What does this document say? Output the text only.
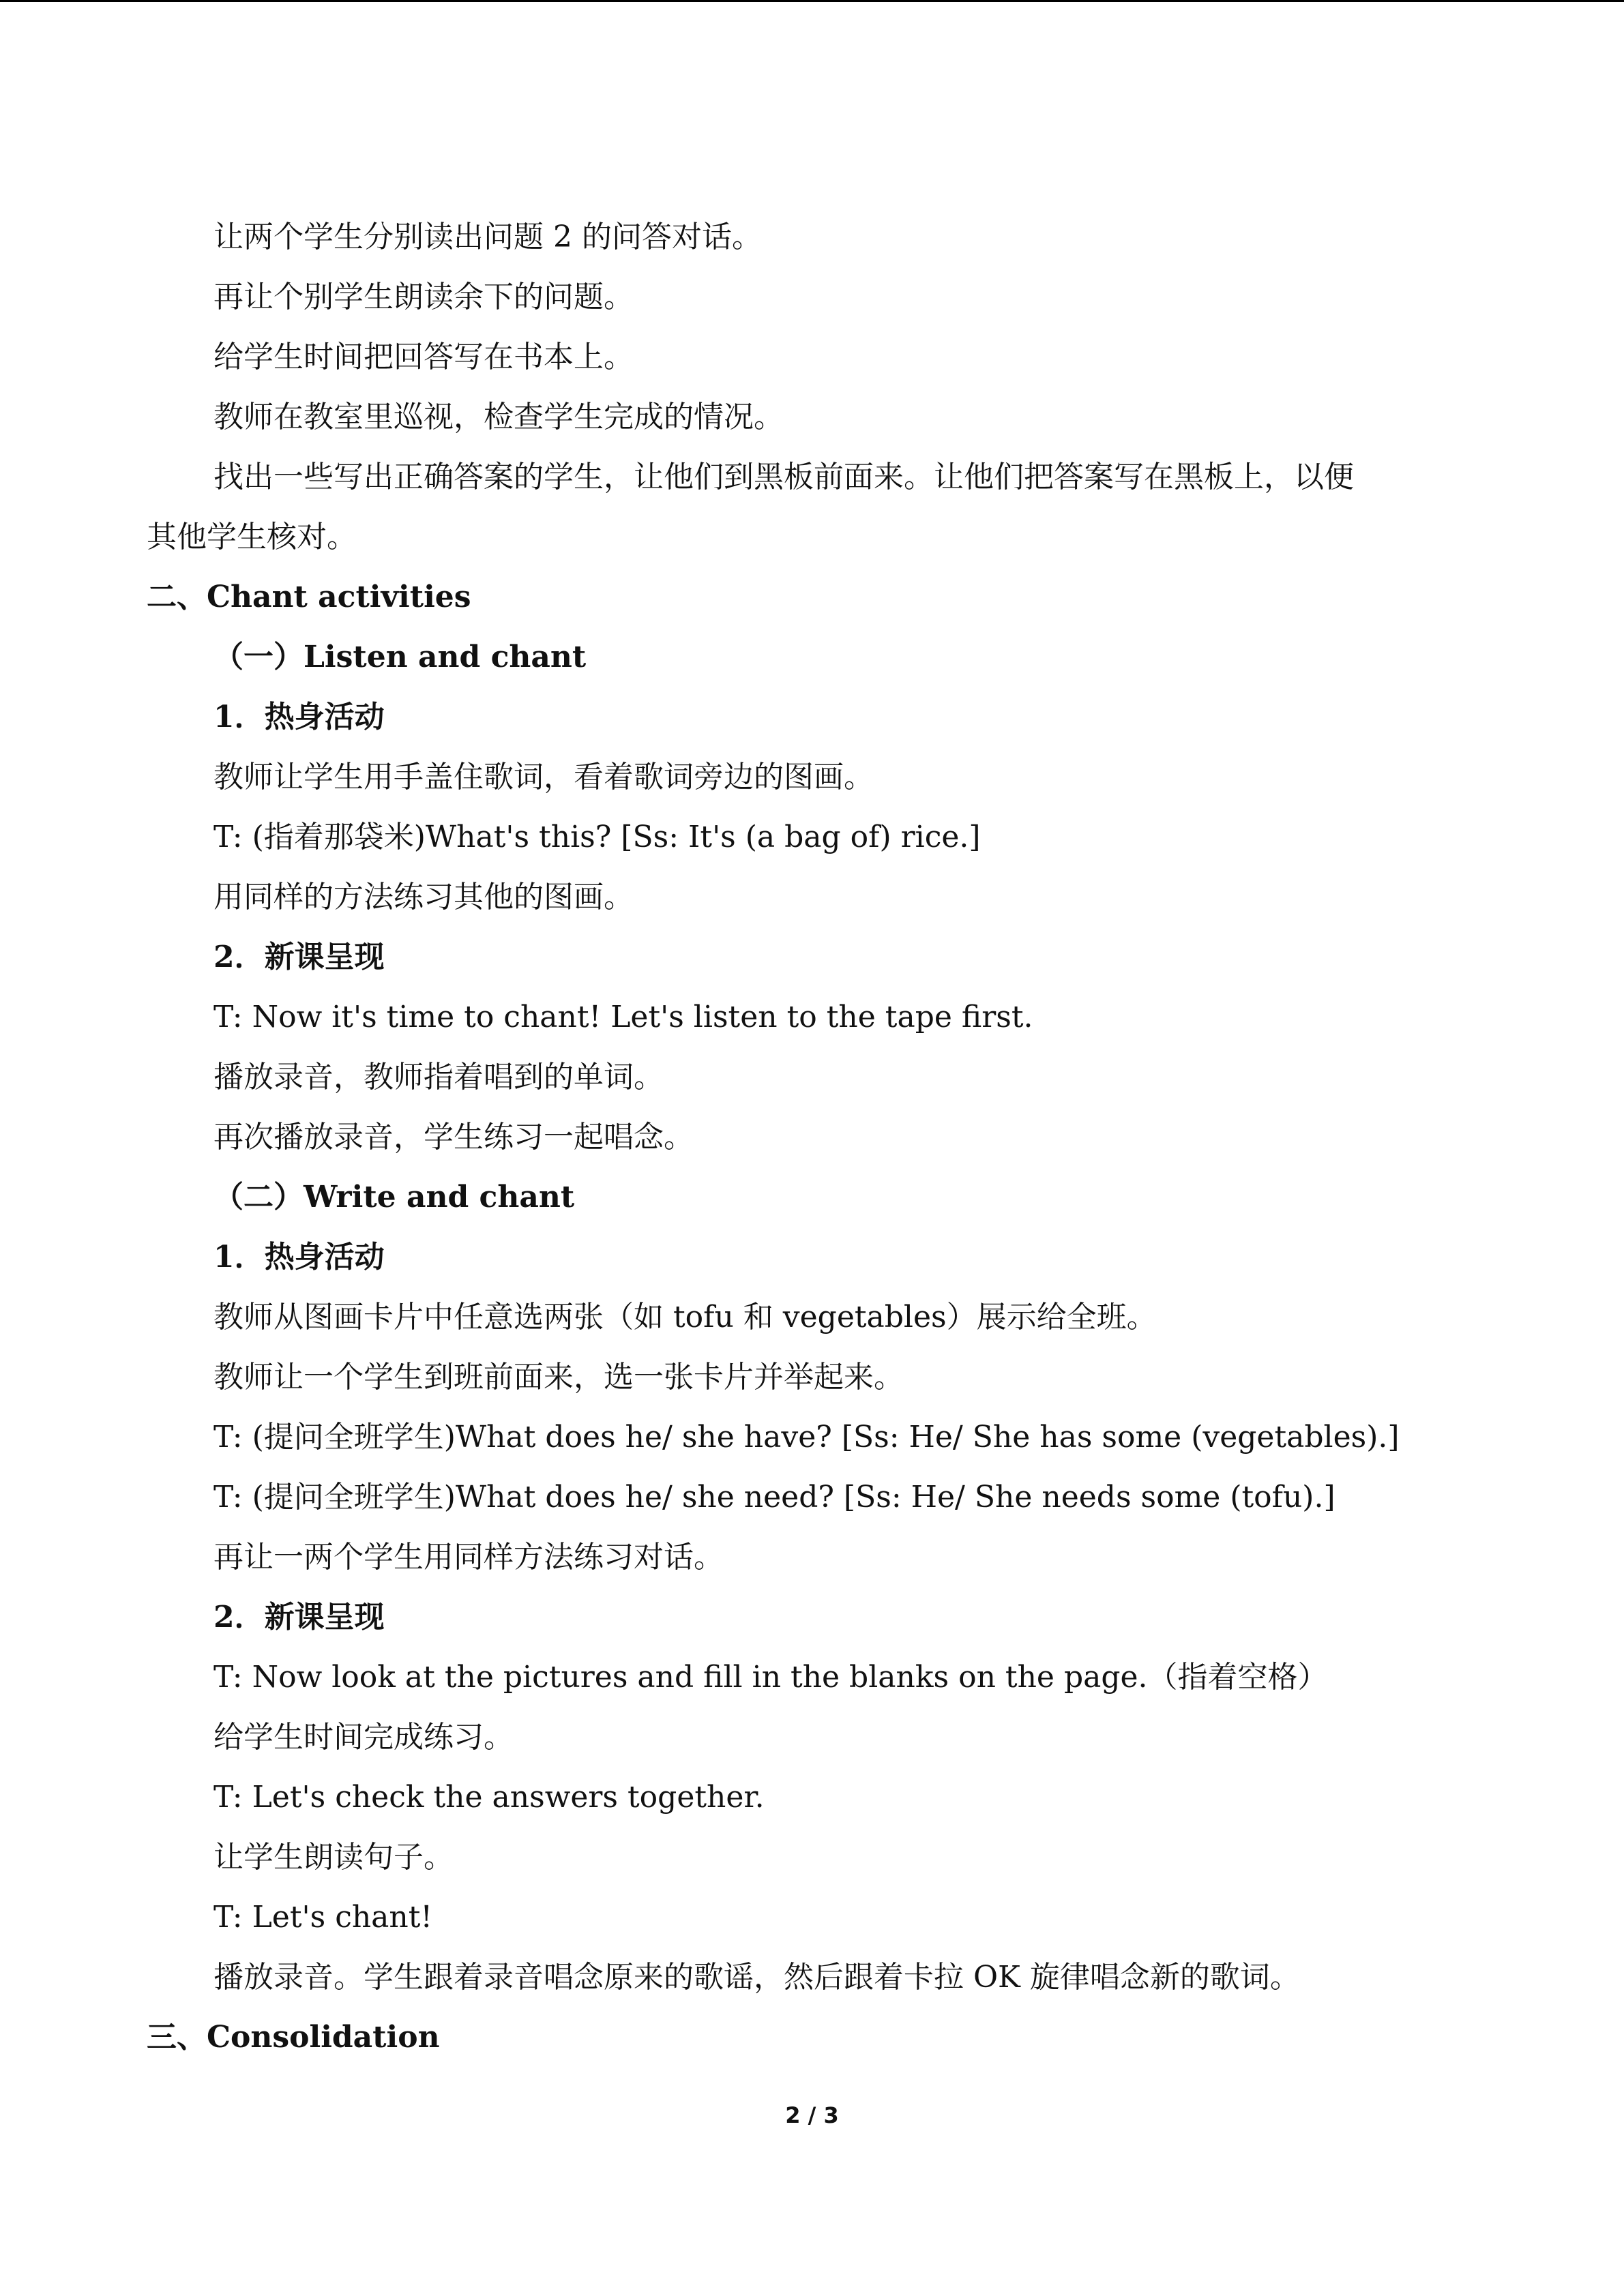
让两个学生分别读出问题 2 的问答对话。
再让个别学生朗读余下的问题。
给学生时间把回答写在书本上。
教师在教室里巡视，检查学生完成的情况。
找出一些写出正确答案的学生，让他们到黑板前面来。让他们把答案写在黑板上，以便
其他学生核对。
二、Chant activities
（一）Listen and chant
1．热身活动
教师让学生用手盖住歌词，看着歌词旁边的图画。
T: (指着那袋米)What's this? [Ss: It's (a bag of) rice.]
用同样的方法练习其他的图画。
2．新课呈现
T: Now it's time to chant! Let's listen to the tape first.
播放录音，教师指着唱到的单词。
再次播放录音，学生练习一起唱念。
（二）Write and chant
1．热身活动
教师从图画卡片中任意选两张（如 tofu 和 vegetables）展示给全班。
教师让一个学生到班前面来，选一张卡片并举起来。
T: (提问全班学生)What does he/ she have? [Ss: He/ She has some (vegetables).]
T: (提问全班学生)What does he/ she need? [Ss: He/ She needs some (tofu).]
再让一两个学生用同样方法练习对话。
2．新课呈现
T: Now look at the pictures and fill in the blanks on the page.（指着空格）
给学生时间完成练习。
T: Let's check the answers together.
让学生朗读句子。
T: Let's chant!
播放录音。学生跟着录音唱念原来的歌谣，然后跟着卡拉 OK 旋律唱念新的歌词。
三、Consolidation
2 / 3
